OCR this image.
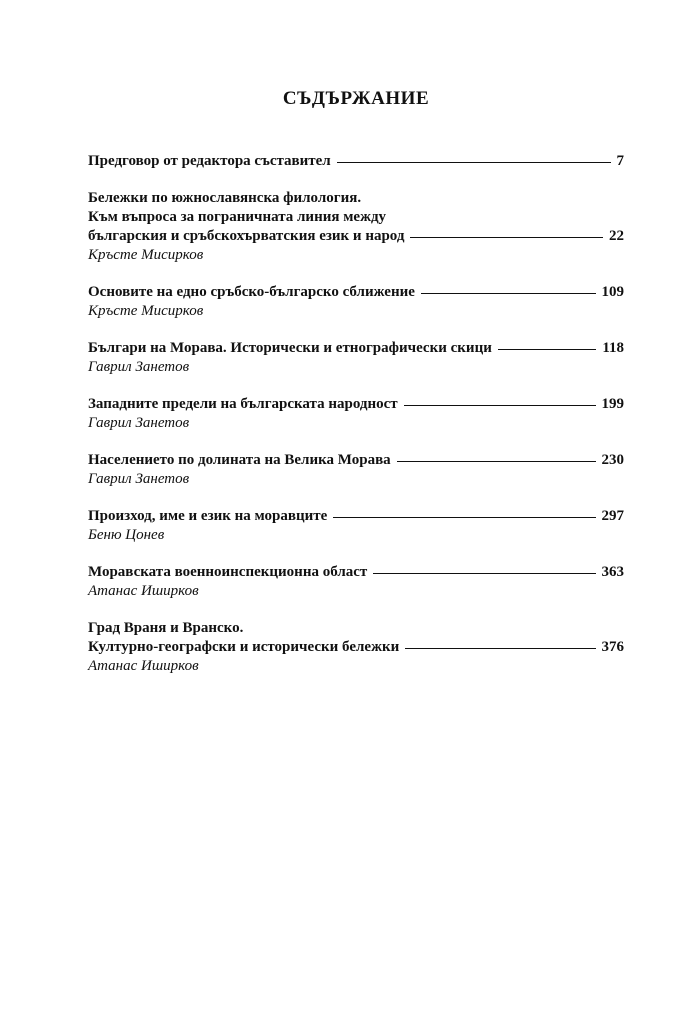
СЪДЪРЖАНИЕ
Предговор от редактора съставител	7
Бележки по южнославянска филология.
Към въпроса за пограничната линия между
българския и сръбскохърватския език и народ	22
Кръсте Мисирков
Основите на едно сръбско-българско сближение	109
Кръсте Мисирков
Българи на Морава. Исторически и етнографически скици	118
Гаврил Занетов
Западните предели на българската народност	199
Гаврил Занетов
Населението по долината на Велика Морава	230
Гаврил Занетов
Произход, име и език на моравците	297
Беню Цонев
Моравската военноинспекционна област	363
Атанас Иширков
Град Враня и Вранско.
Културно-географски и исторически бележки	376
Атанас Иширков
